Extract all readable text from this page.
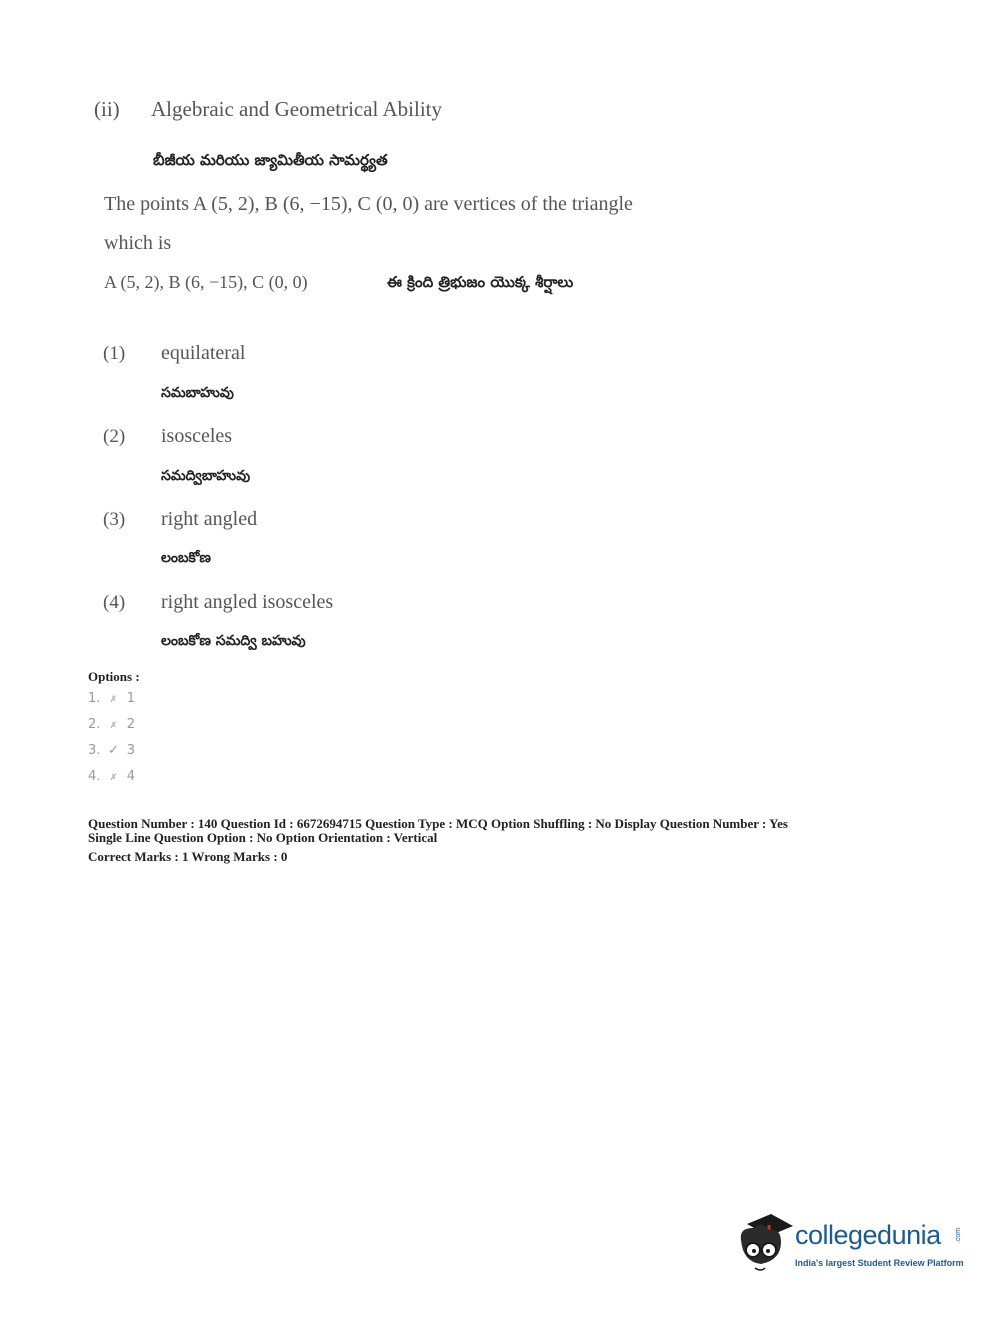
(ii) Algebraic and Geometrical Ability
బీజీయ మరియు జ్యామితీయ సామర్థ్యత
The points A (5, 2), B (6, −15), C (0, 0) are vertices of the triangle
which is
A (5, 2), B (6, −15), C (0, 0)	ఈ క్రింది త్రిభుజం యొక్క శీర్షాలు
(1) equilateral
సమబాహువు
(2) isosceles
సమద్విబాహువు
(3) right angled
లంబకోణ
(4) right angled isosceles
లంబకోణ సమద్వి బహువు
Options :
1. ✗ 1
2. ✗ 2
3. ✓ 3
4. ✗ 4
Question Number : 140 Question Id : 6672694715 Question Type : MCQ Option Shuffling : No Display Question Number : Yes
Single Line Question Option : No Option Orientation : Vertical
Correct Marks : 1 Wrong Marks : 0
collegedunia .com
India's largest Student Review Platform
